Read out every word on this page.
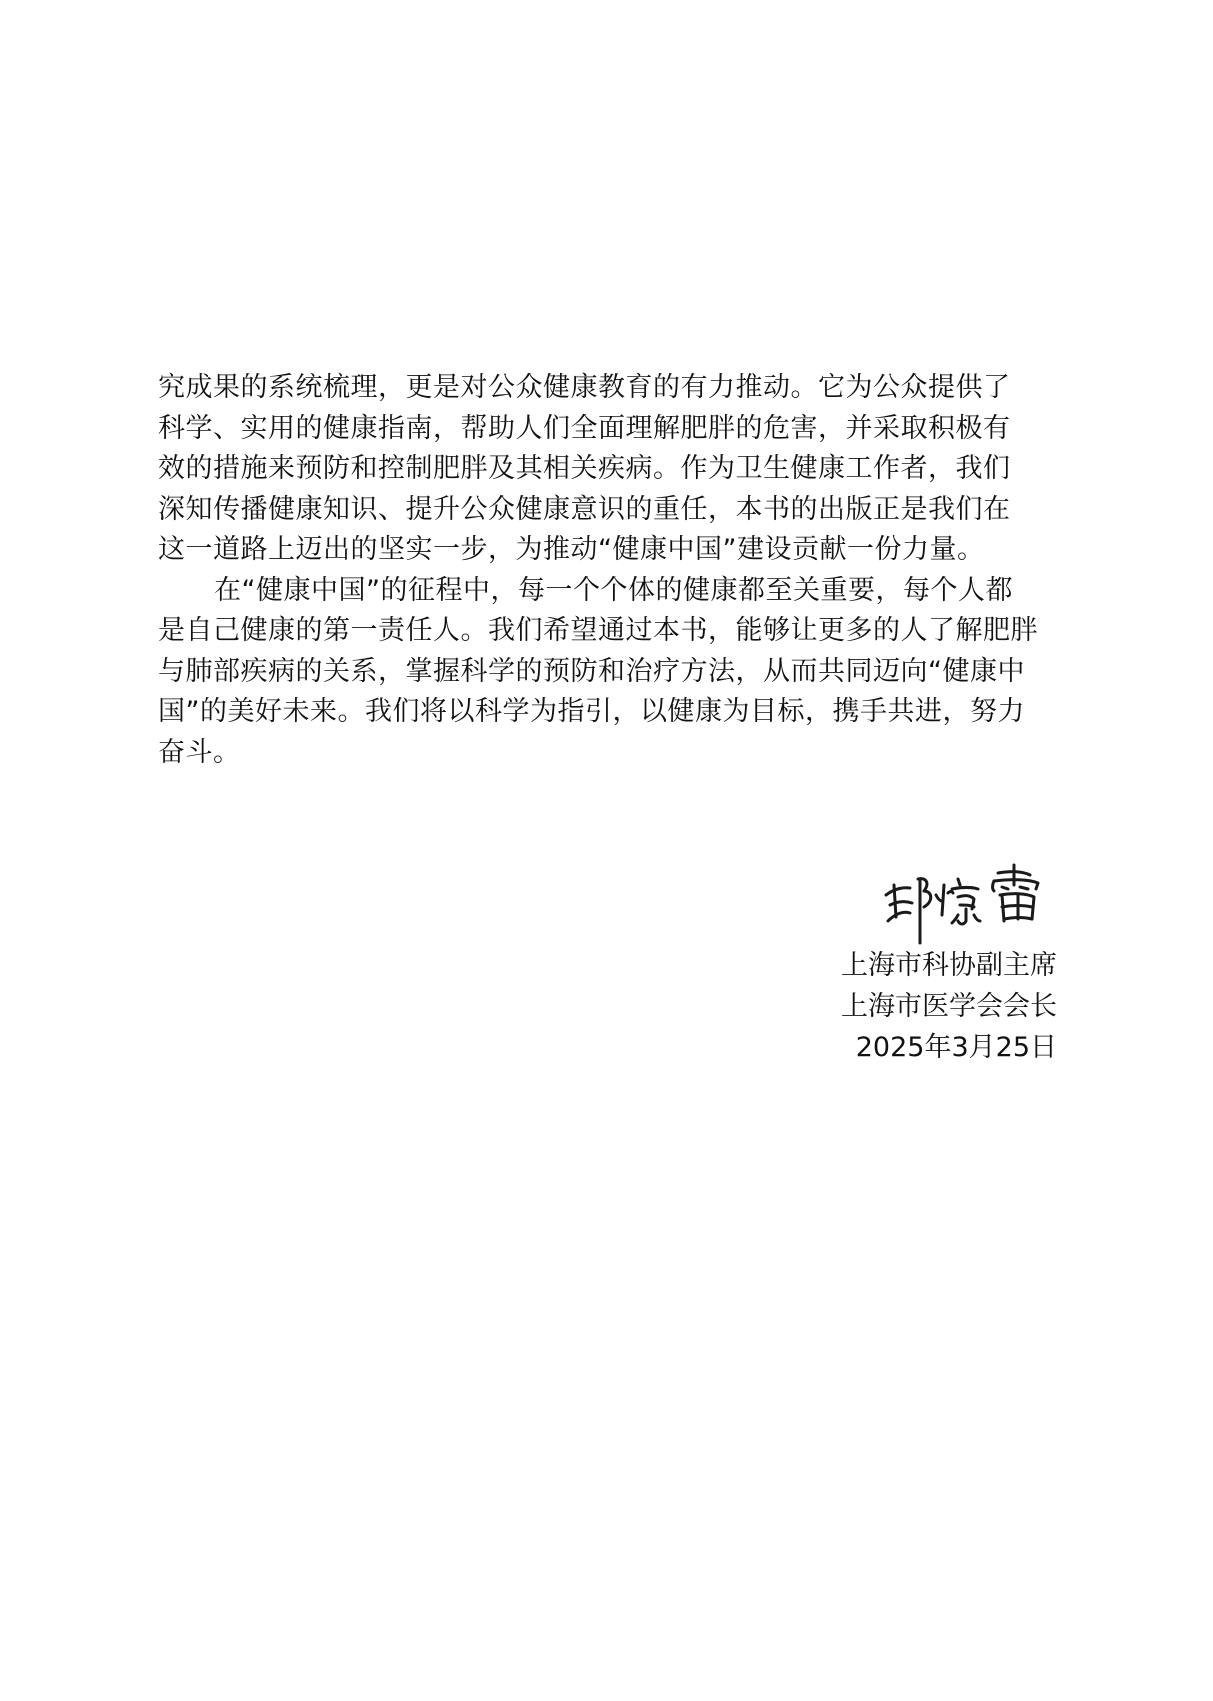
究成果的系统梳理，更是对公众健康教育的有力推动。它为公众提供了
科学、实用的健康指南，帮助人们全面理解肥胖的危害，并采取积极有
效的措施来预防和控制肥胖及其相关疾病。作为卫生健康工作者，我们
深知传播健康知识、提升公众健康意识的重任，本书的出版正是我们在
这一道路上迈出的坚实一步，为推动“健康中国”建设贡献一份力量。
在“健康中国”的征程中，每一个个体的健康都至关重要，每个人都
是自己健康的第一责任人。我们希望通过本书，能够让更多的人了解肥胖
与肺部疾病的关系，掌握科学的预防和治疗方法，从而共同迈向“健康中
国”的美好未来。我们将以科学为指引，以健康为目标，携手共进，努力
奋斗。
上海市科协副主席
上海市医学会会长
2025年3月25日
